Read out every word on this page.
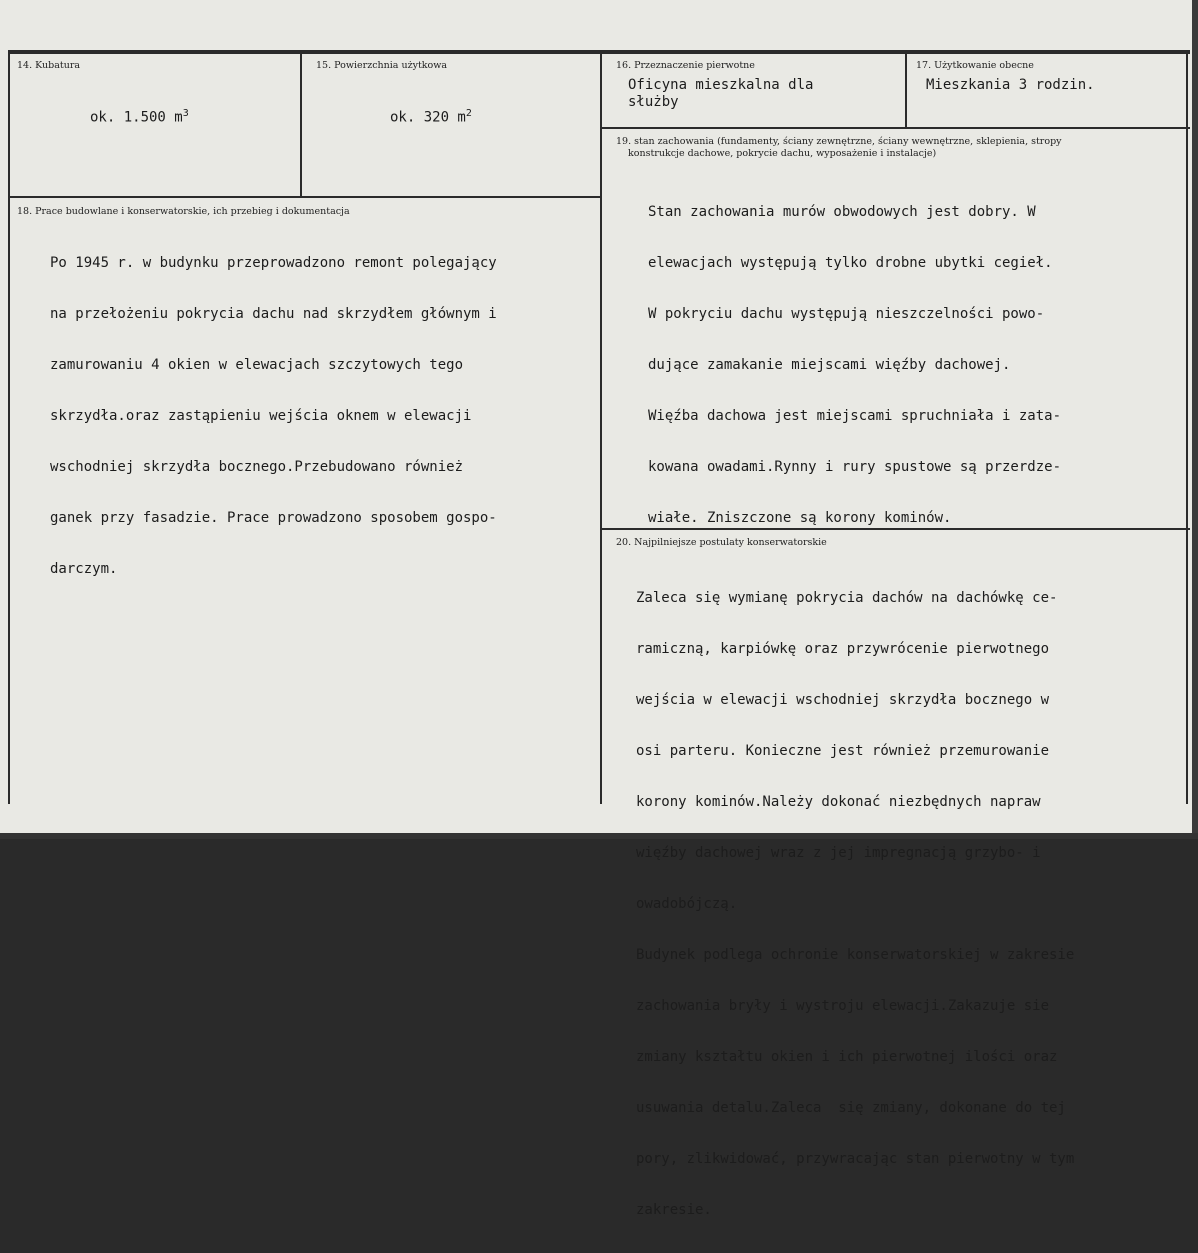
14. Kubatura
ok. 1.500 $m^3$
15. Powierzchnia użytkowa
ok. 320 $m^2$
16. Przeznaczenie pierwotne
Oficyna mieszkalna dla
służby
17. Użytkowanie obecne
Mieszkania 3 rodzin.
18. Prace budowlane i konserwatorskie, ich przebieg i dokumentacja

Po 1945 r. w budynku przeprowadzono remont polegający

na przełożeniu pokrycia dachu nad skrzydłem głównym i

zamurowaniu 4 okien w elewacjach szczytowych tego

skrzydła.oraz zastąpieniu wejścia oknem w elewacji

wschodniej skrzydła bocznego.Przebudowano również

ganek przy fasadzie. Prace prowadzono sposobem gospo-

darczym.

19. stan zachowania (fundamenty, ściany zewnętrzne, ściany wewnętrzne, sklepienia, stropy
konstrukcje dachowe, pokrycie dachu, wyposażenie i instalacje)

Stan zachowania murów obwodowych jest dobry. W

elewacjach występują tylko drobne ubytki cegieł.

W pokryciu dachu występują nieszczelności powo-

dujące zamakanie miejscami więźby dachowej.

Więźba dachowa jest miejscami spruchniała i zata-

kowana owadami.Rynny i rury spustowe są przerdze-

wiałe. Zniszczone są korony kominów.

20. Najpilniejsze postulaty konserwatorskie

Zaleca się wymianę pokrycia dachów na dachówkę ce-

ramiczną, karpiówkę oraz przywrócenie pierwotnego

wejścia w elewacji wschodniej skrzydła bocznego w

osi parteru. Konieczne jest również przemurowanie

korony kominów.Należy dokonać niezbędnych napraw

więźby dachowej wraz z jej impregnacją grzybo- i

owadobójczą.

Budynek podlega ochronie konserwatorskiej w zakresie

zachowania bryły i wystroju elewacji.Zakazuje sie

zmiany kształtu okien i ich pierwotnej ilości oraz

usuwania detalu.Zaleca  się zmiany, dokonane do tej

pory, zlikwidować, przywracając stan pierwotny w tym

zakresie.
